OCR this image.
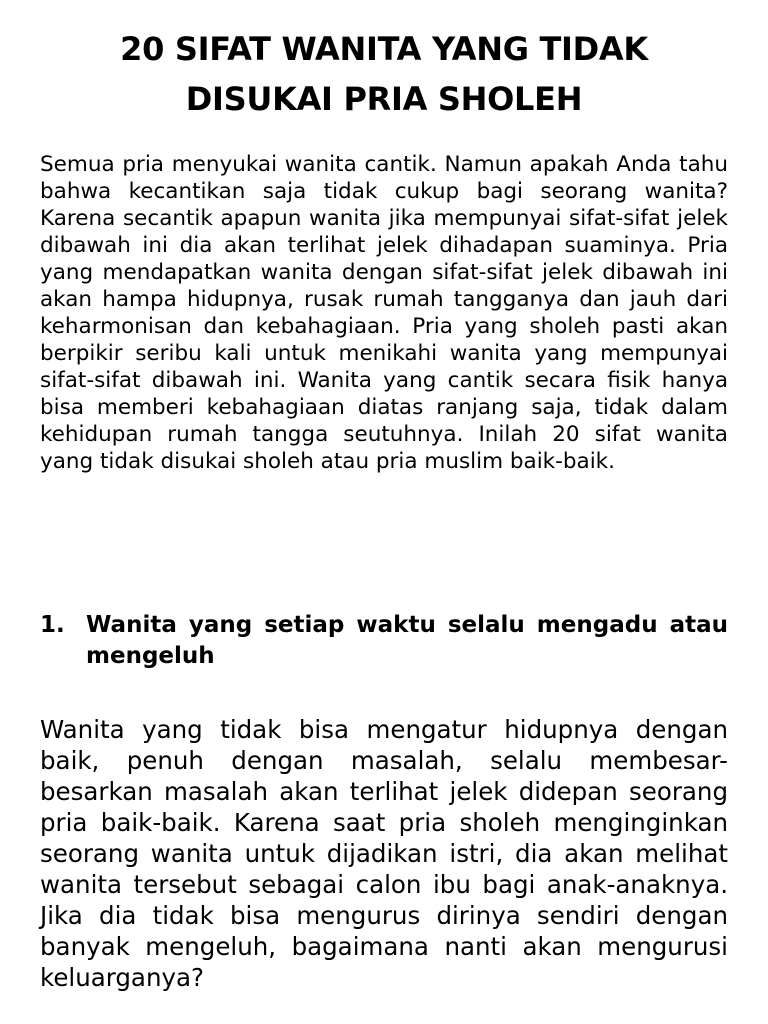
20 SIFAT WANITA YANG TIDAK
DISUKAI PRIA SHOLEH

Semua pria menyukai wanita cantik. Namun apakah Anda tahu bahwa kecantikan saja tidak cukup bagi seorang wanita? Karena secantik apapun wanita jika mempunyai sifat-sifat jelek dibawah ini dia akan terlihat jelek dihadapan suaminya. Pria yang mendapatkan wanita dengan sifat-sifat jelek dibawah ini akan hampa hidupnya, rusak rumah tangganya dan jauh dari keharmonisan dan kebahagiaan. Pria yang sholeh pasti akan berpikir seribu kali untuk menikahi wanita yang mempunyai sifat-sifat dibawah ini. Wanita yang cantik secara fisik hanya bisa memberi kebahagiaan diatas ranjang saja, tidak dalam kehidupan rumah tangga seutuhnya. Inilah 20 sifat wanita yang tidak disukai sholeh atau pria muslim baik-baik.

1. Wanita yang setiap waktu selalu mengadu atau mengeluh

Wanita yang tidak bisa mengatur hidupnya dengan baik, penuh dengan masalah, selalu membesar-besarkan masalah akan terlihat jelek didepan seorang pria baik-baik. Karena saat pria sholeh menginginkan seorang wanita untuk dijadikan istri, dia akan melihat wanita tersebut sebagai calon ibu bagi anak-anaknya. Jika dia tidak bisa mengurus dirinya sendiri dengan banyak mengeluh, bagaimana nanti akan mengurusi keluarganya?
